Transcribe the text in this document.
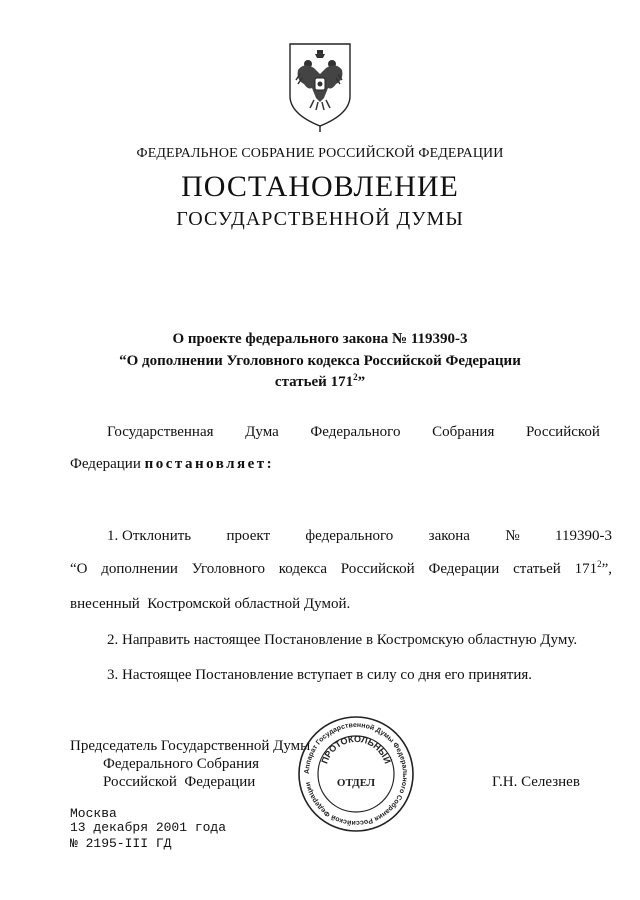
ФЕДЕРАЛЬНОЕ СОБРАНИЕ РОССИЙСКОЙ ФЕДЕРАЦИИ
ПОСТАНОВЛЕНИЕ
ГОСУДАРСТВЕННОЙ ДУМЫ
О проекте федерального закона № 119390-3
“О дополнении Уголовного кодекса Российской Федерации
статьей $171^2$”
Государственная Дума Федерального Собрания Российской
Федерации постановляет:
1. Отклонить проект федерального закона № 119390-3
“О дополнении Уголовного кодекса Российской Федерации статьей $171^2$”,
внесенный  Костромской областной Думой.
2. Направить настоящее Постановление в Костромскую областную Думу.
3. Настоящее Постановление вступает в силу со дня его принятия.
Председатель Государственной Думы
Федерального Собрания
Российской  Федерации	Г.Н. Селезнев
Аппарат Государственной Думы Федерального Собрания Российской Федерации
ПРОТОКОЛЬНЫЙ
ОТДЕЛ
Москва
13 декабря 2001 года
№ 2195-III ГД
